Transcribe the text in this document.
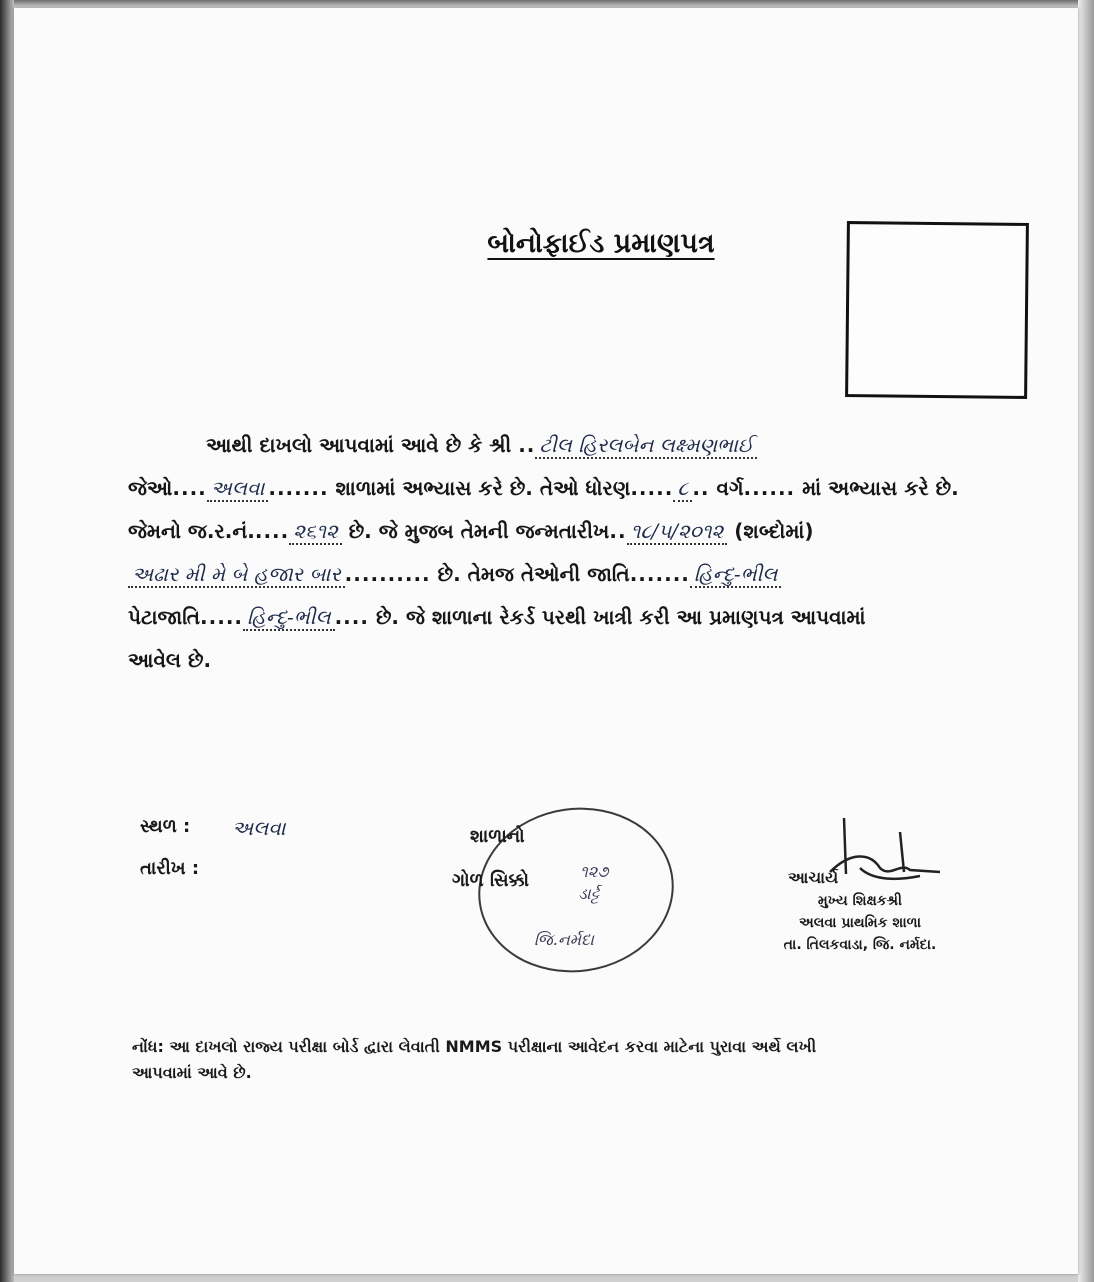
બોનોફાઈડ પ્રમાણપત્ર
આથી દાખલો આપવામાં આવે છે કે શ્રી .. ટીલ હિરલબેન લક્ષ્મણભાઈ
જેઓ.... અલવા ....... શાળામાં અભ્યાસ કરે છે. તેઓ ધોરણ..... ૮ .. વર્ગ...... માં અભ્યાસ કરે છે.
જેમનો જ.ર.નં..... ૨૬૧૨ છે. જે મુજબ તેમની જન્મતારીખ.. ૧૮/૫/૨૦૧૨ (શબ્દોમાં)
અઢાર મી મે બે હજાર બાર .......... છે. તેમજ તેઓની જાતિ....... હિન્દુ-ભીલ
પેટાજાતિ..... હિન્દુ-ભીલ .... છે. જે શાળાના રેકર્ડ પરથી ખાત્રી કરી આ પ્રમાણપત્ર આપવામાં
આવેલ છે.
સ્થળ : અલવા
તારીખ :
શાળાનો
ગોળ સિક્કો	૧૨૭
ડાર્ટ્ટ
જિ.નર્મદા
આચાર્ય
મુખ્ય શિક્ષકશ્રી
અલવા પ્રાથમિક શાળા
તા. તિલકવાડા, જિ. નર્મદા.
નોંધ: આ દાખલો રાજ્ય પરીક્ષા બોર્ડ દ્વારા લેવાતી NMMS પરીક્ષાના આવેદન કરવા માટેના પુરાવા અર્થે લખી
આપવામાં આવે છે.
